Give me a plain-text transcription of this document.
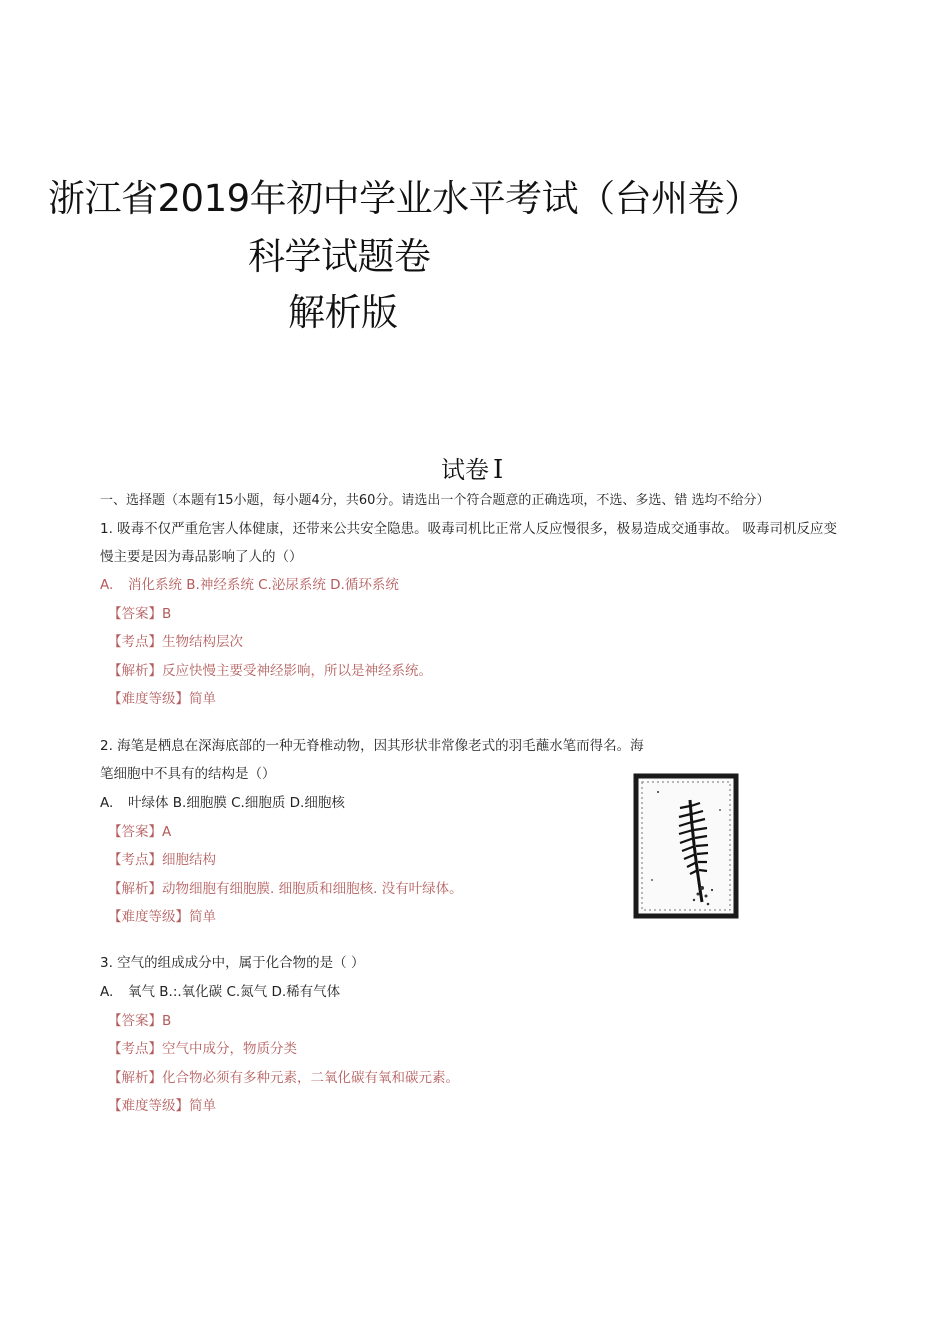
浙江省2019年初中学业水平考试（台州卷）
科学试题卷
解析版
试卷 I
一、选择题（本题有15小题，每小题4分，共60分。请选出一个符合题意的正确选项，不选、多选、错 选均不给分）
1. 吸毒不仅严重危害人体健康，还带来公共安全隐患。吸毒司机比正常人反应慢很多，极易造成交通事故。 吸毒司机反应变
慢主要是因为毒品影响了人的（）
A. 消化系统 B.神经系统 C.泌尿系统 D.循环系统
【答案】B
【考点】生物结构层次
【解析】反应快慢主要受神经影响，所以是神经系统。
【难度等级】简单
2. 海笔是栖息在深海底部的一种无脊椎动物，因其形状非常像老式的羽毛蘸水笔而得名。海
笔细胞中不具有的结构是（）
A. 叶绿体 B.细胞膜 C.细胞质 D.细胞核
【答案】A
【考点】细胞结构
【解析】动物细胞有细胞膜. 细胞质和细胞核. 没有叶绿体。
【难度等级】简单
3. 空气的组成成分中，属于化合物的是（ ）
A. 氧气 B.:.氧化碳 C.氮气 D.稀有气体
【答案】B
【考点】空气中成分，物质分类
【解析】化合物必须有多种元素，二氧化碳有氧和碳元素。
【难度等级】简单
